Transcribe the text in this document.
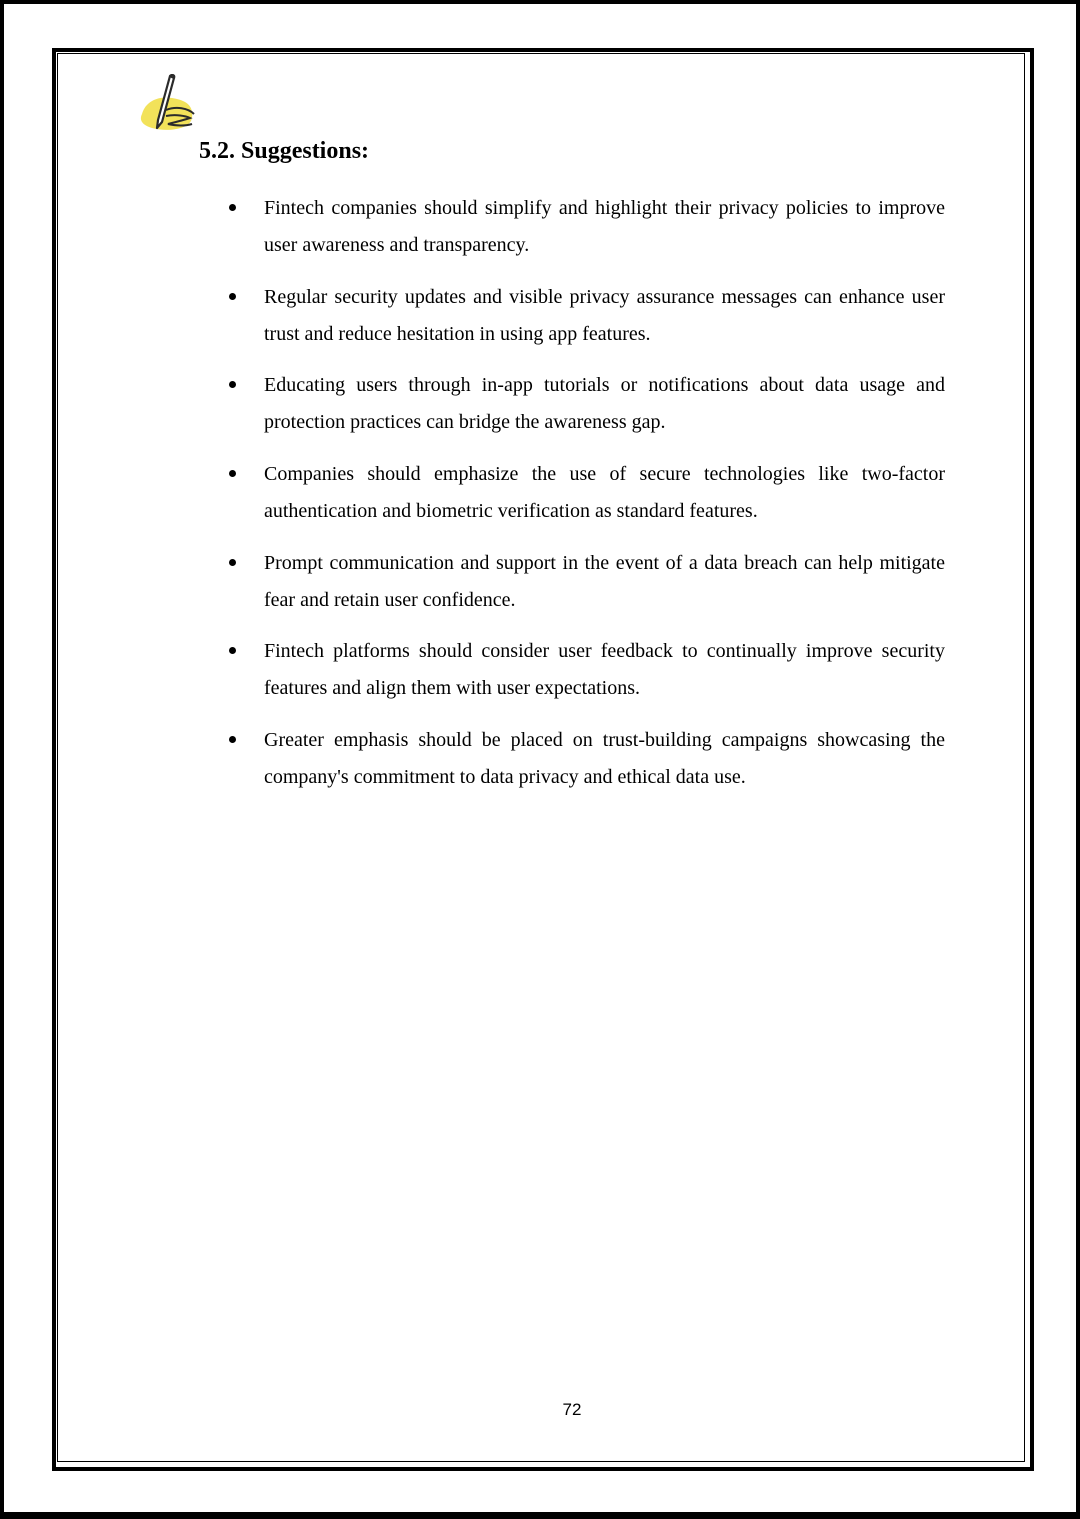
5.2. Suggestions:

Fintech companies should simplify and highlight their privacy policies to improve user awareness and transparency.

Regular security updates and visible privacy assurance messages can enhance user trust and reduce hesitation in using app features.

Educating users through in-app tutorials or notifications about data usage and protection practices can bridge the awareness gap.

Companies should emphasize the use of secure technologies like two-factor authentication and biometric verification as standard features.

Prompt communication and support in the event of a data breach can help mitigate fear and retain user confidence.

Fintech platforms should consider user feedback to continually improve security features and align them with user expectations.

Greater emphasis should be placed on trust-building campaigns showcasing the company's commitment to data privacy and ethical data use.

72
